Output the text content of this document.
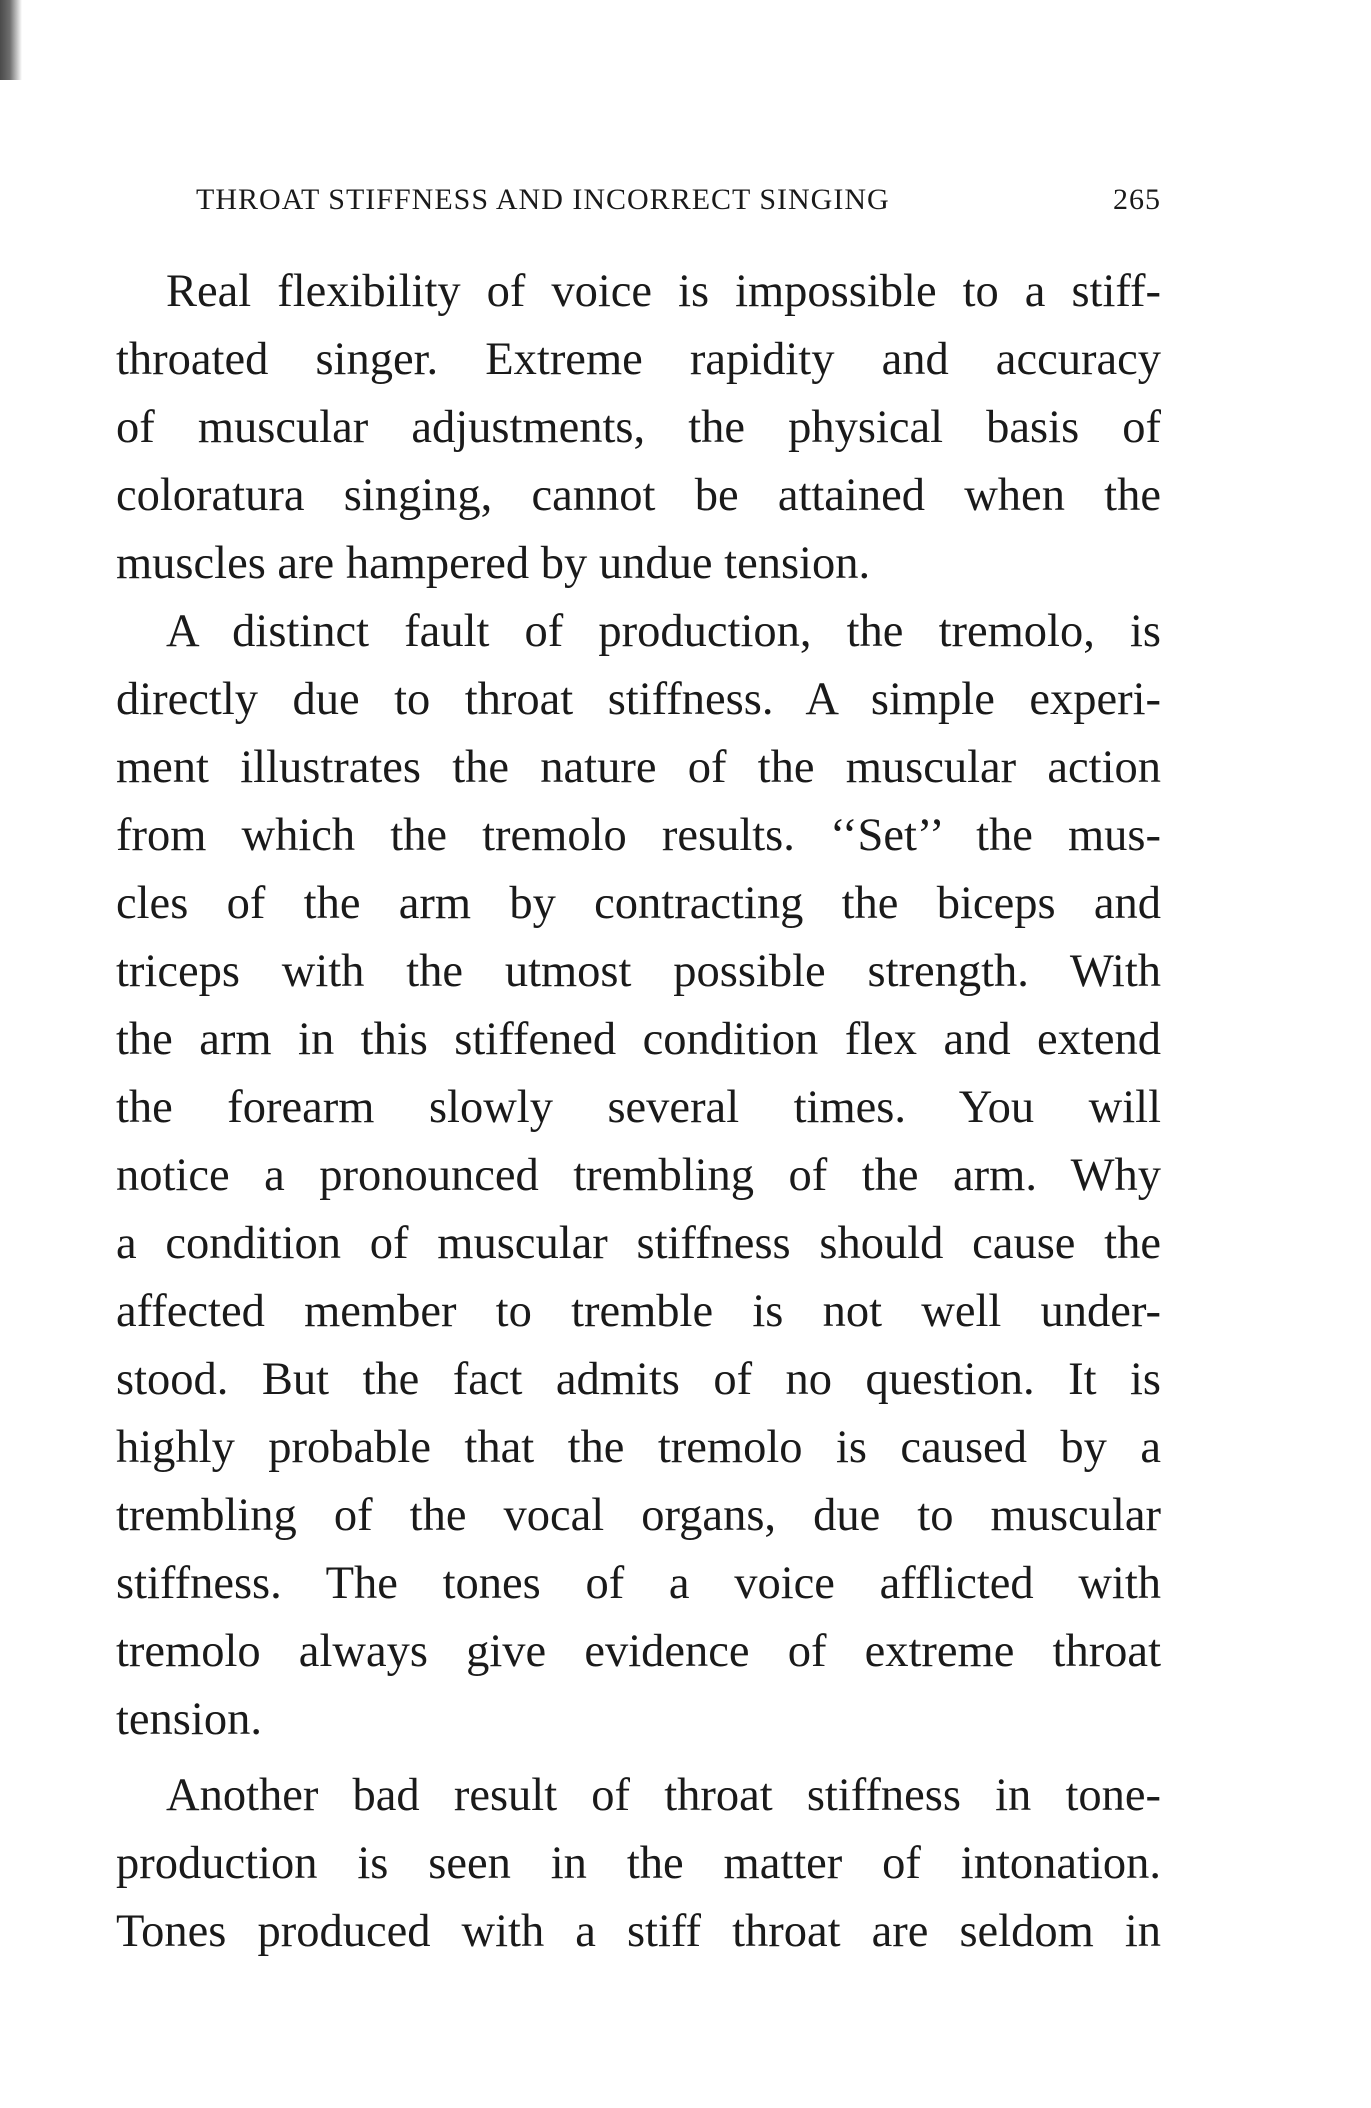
THROAT STIFFNESS AND INCORRECT SINGING	265
Real flexibility of voice is impossible to a stiff-
throated singer. Extreme rapidity and accuracy
of muscular adjustments, the physical basis of
coloratura singing, cannot be attained when the
muscles are hampered by undue tension.
A distinct fault of production, the tremolo, is
directly due to throat stiffness. A simple experi-
ment illustrates the nature of the muscular action
from which the tremolo results. ‘‘Set’’ the mus-
cles of the arm by contracting the biceps and
triceps with the utmost possible strength. With
the arm in this stiffened condition flex and extend
the forearm slowly several times. You will
notice a pronounced trembling of the arm. Why
a condition of muscular stiffness should cause the
affected member to tremble is not well under-
stood. But the fact admits of no question. It is
highly probable that the tremolo is caused by a
trembling of the vocal organs, due to muscular
stiffness. The tones of a voice afflicted with
tremolo always give evidence of extreme throat
tension.
Another bad result of throat stiffness in tone-
production is seen in the matter of intonation.
Tones produced with a stiff throat are seldom in
